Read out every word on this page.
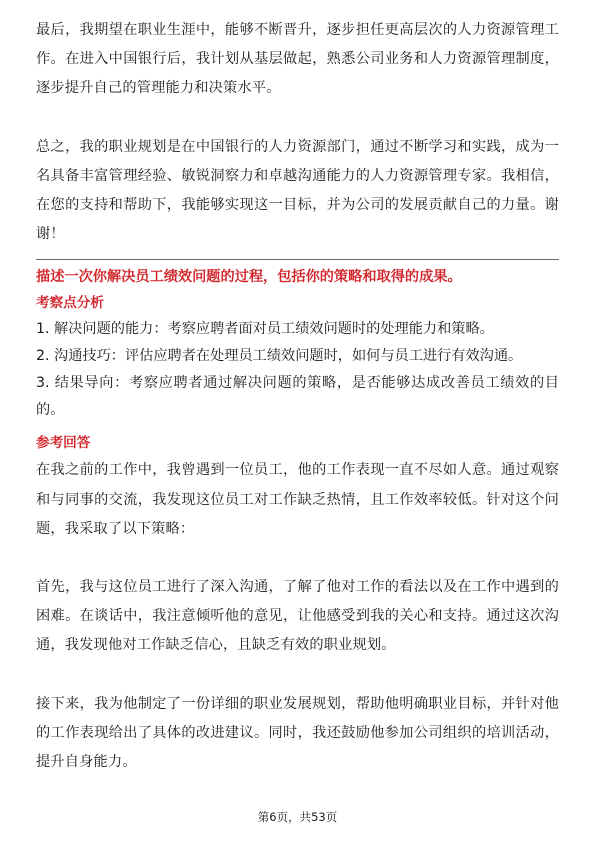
最后，我期望在职业生涯中，能够不断晋升，逐步担任更高层次的人力资源管理工作。在进入中国银行后，我计划从基层做起，熟悉公司业务和人力资源管理制度，逐步提升自己的管理能力和决策水平。

总之，我的职业规划是在中国银行的人力资源部门，通过不断学习和实践，成为一名具备丰富管理经验、敏锐洞察力和卓越沟通能力的人力资源管理专家。我相信，在您的支持和帮助下，我能够实现这一目标，并为公司的发展贡献自己的力量。谢谢！

描述一次你解决员工绩效问题的过程，包括你的策略和取得的成果。

考察点分析

1. 解决问题的能力：考察应聘者面对员工绩效问题时的处理能力和策略。

2. 沟通技巧：评估应聘者在处理员工绩效问题时，如何与员工进行有效沟通。

3. 结果导向：考察应聘者通过解决问题的策略，是否能够达成改善员工绩效的目的。

参考回答

在我之前的工作中，我曾遇到一位员工，他的工作表现一直不尽如人意。通过观察和与同事的交流，我发现这位员工对工作缺乏热情，且工作效率较低。针对这个问题，我采取了以下策略：

首先，我与这位员工进行了深入沟通，了解了他对工作的看法以及在工作中遇到的困难。在谈话中，我注意倾听他的意见，让他感受到我的关心和支持。通过这次沟通，我发现他对工作缺乏信心，且缺乏有效的职业规划。

接下来，我为他制定了一份详细的职业发展规划，帮助他明确职业目标，并针对他的工作表现给出了具体的改进建议。同时，我还鼓励他参加公司组织的培训活动，提升自身能力。

第6页，共53页
